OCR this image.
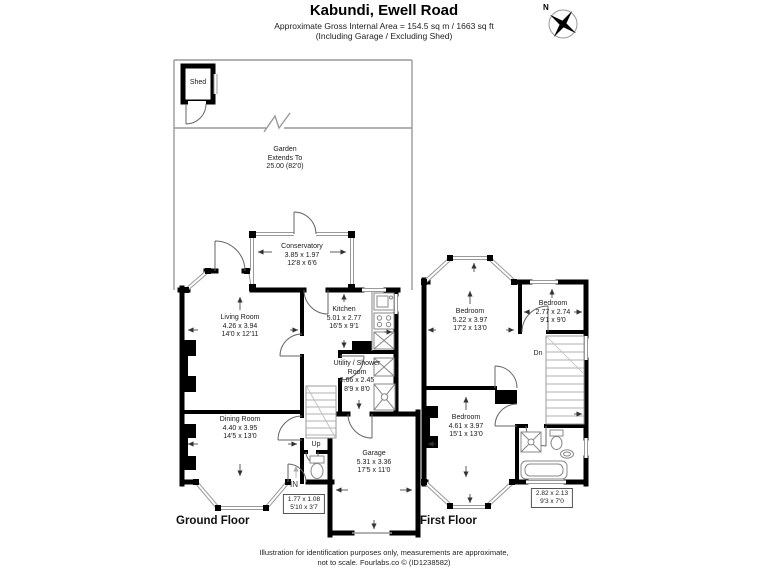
Kabundi, Ewell Road
Approximate Gross Internal Area = 154.5 sq m / 1663 sq ft
(Including Garage / Excluding Shed)
N
Shed
Garden
Extends To
25.00 (82'0)
Conservatory
3.85 x 1.97
12'8 x 6'6
Living Room
4.26 x 3.94
14'0 x 12'11
Kitchen
5.01 x 2.77
16'5 x 9'1
Utility / Shower Room
2.66 x 2.45
8'9 x 8'0
Dining Room
4.40 x 3.95
14'5 x 13'0
Garage
5.31 x 3.36
17'5 x 11'0
1.77 x 1.08
5'10 x 3'7
Up
IN
Ground Floor
Bedroom
5.22 x 3.97
17'2 x 13'0
Bedroom
2.77 x 2.74
9'1 x 9'0
Bedroom
4.61 x 3.97
15'1 x 13'0
2.82 x 2.13
9'3 x 7'0
Dn
First Floor
Illustration for identification purposes only, measurements are approximate,
not to scale. Fourlabs.co © (ID1238582)
